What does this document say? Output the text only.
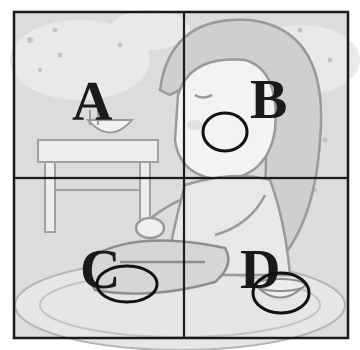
A B
C D
